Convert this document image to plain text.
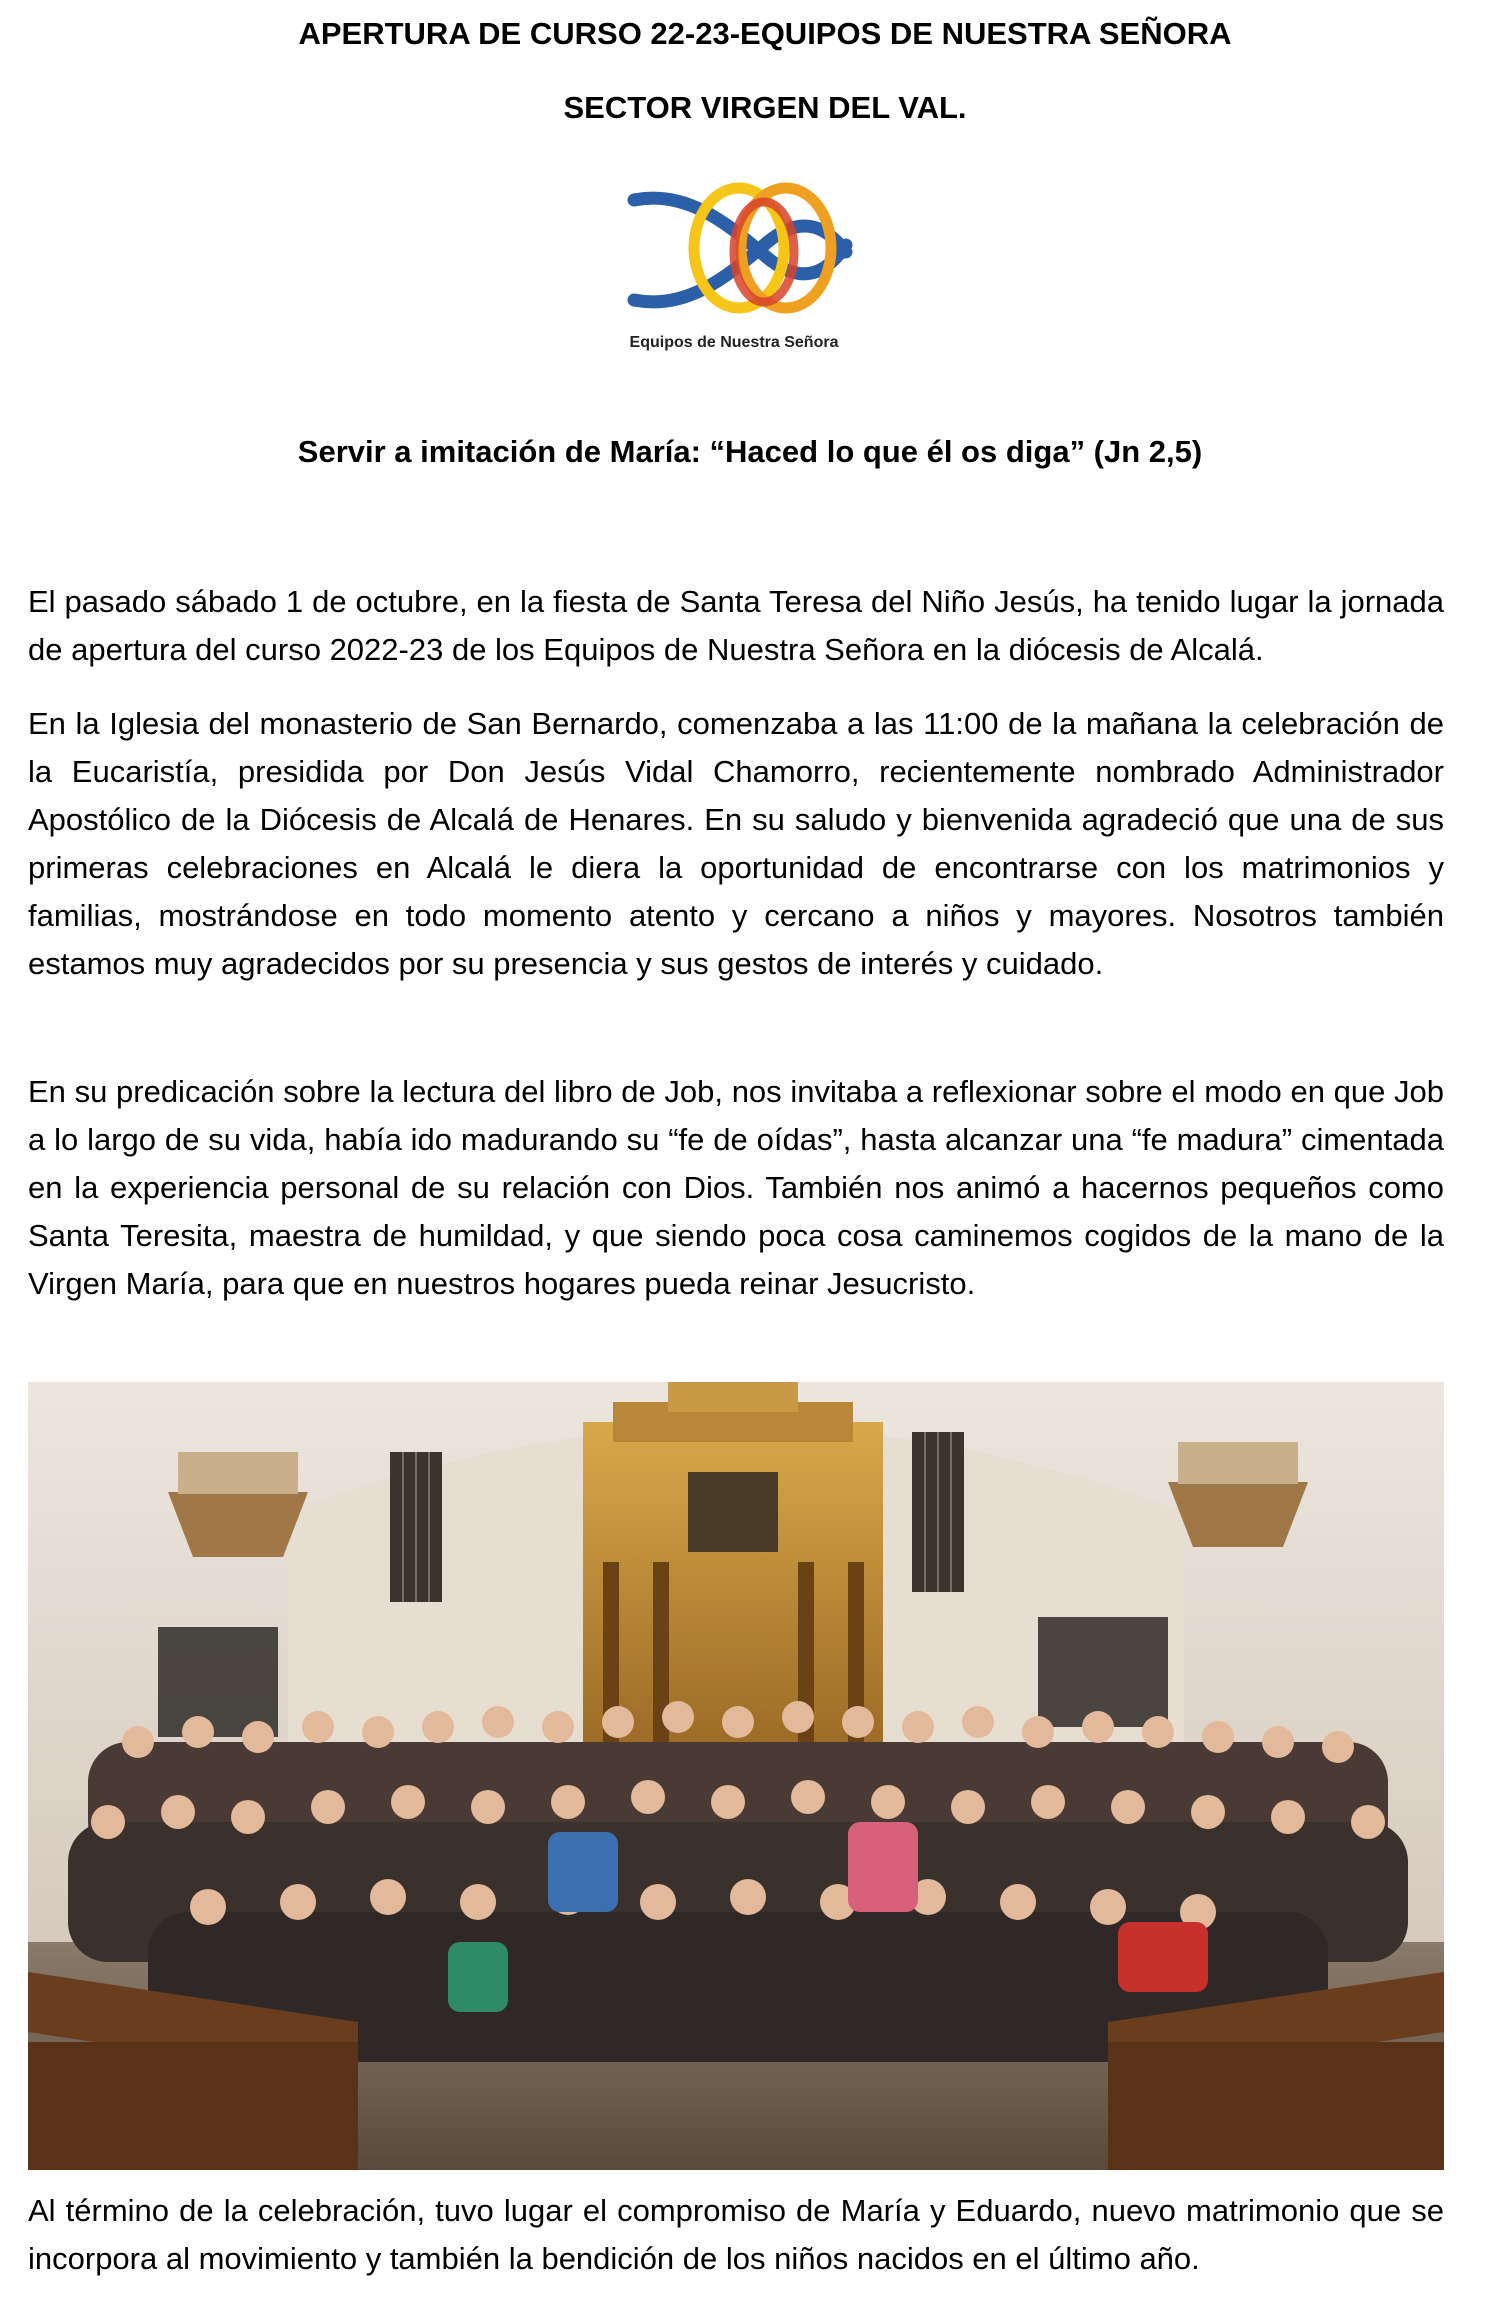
APERTURA DE CURSO 22-23-EQUIPOS DE NUESTRA SEÑORA
SECTOR VIRGEN DEL VAL.
Equipos de Nuestra Señora
Servir a imitación de María: “Haced lo que él os diga” (Jn 2,5)

El pasado sábado 1 de octubre, en la fiesta de Santa Teresa del Niño Jesús, ha tenido lugar la jornada de apertura del curso 2022-23 de los Equipos de Nuestra Señora en la diócesis de Alcalá.

En la Iglesia del monasterio de San Bernardo, comenzaba a las 11:00 de la mañana la celebración de la Eucaristía, presidida por Don Jesús Vidal Chamorro, recientemente nombrado Administrador Apostólico de la Diócesis de Alcalá de Henares. En su saludo y bienvenida agradeció que una de sus primeras celebraciones en Alcalá le diera la oportunidad de encontrarse con los matrimonios y familias, mostrándose en todo momento atento y cercano a niños y mayores. Nosotros también estamos muy agradecidos por su presencia y sus gestos de interés y cuidado.

En su predicación sobre la lectura del libro de Job, nos invitaba a reflexionar sobre el modo en que Job a lo largo de su vida, había ido madurando su “fe de oídas”, hasta alcanzar una “fe madura” cimentada en la experiencia personal de su relación con Dios. También nos animó a hacernos pequeños como Santa Teresita, maestra de humildad, y que siendo poca cosa caminemos cogidos de la mano de la Virgen María, para que en nuestros hogares pueda reinar Jesucristo.

Al término de la celebración, tuvo lugar el compromiso de María y Eduardo, nuevo matrimonio que se incorpora al movimiento y también la bendición de los niños nacidos en el último año.
